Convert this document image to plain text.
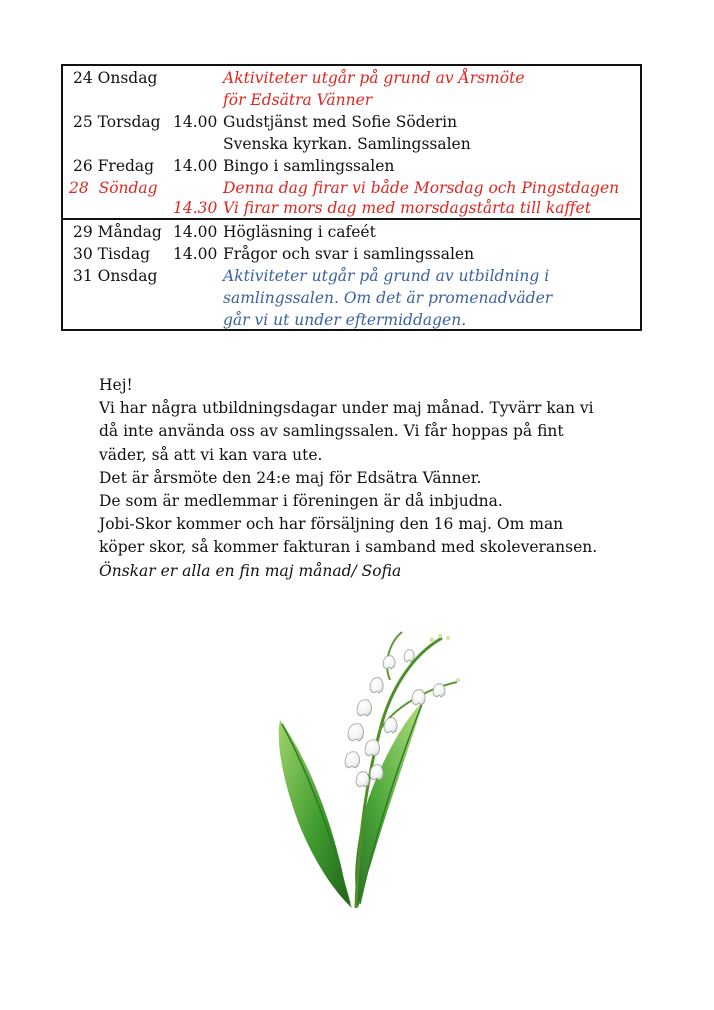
24 Onsdag	Aktiviteter utgår på grund av Årsmöte
för Edsätra Vänner
25 Torsdag 14.00 Gudstjänst med Sofie Söderin
Svenska kyrkan. Samlingssalen
26 Fredag 14.00 Bingo i samlingssalen
28  Söndag	Denna dag firar vi både Morsdag och Pingstdagen
14.30 Vi firar mors dag med morsdagstårta till kaffet
29 Måndag 14.00 Högläsning i cafeét
30 Tisdag 14.00 Frågor och svar i samlingssalen
31 Onsdag	Aktiviteter utgår på grund av utbildning i
samlingssalen. Om det är promenadväder
går vi ut under eftermiddagen.

Hej!

Vi har några utbildningsdagar under maj månad. Tyvärr kan vi

då inte använda oss av samlingssalen. Vi får hoppas på fint

väder, så att vi kan vara ute.

Det är årsmöte den 24:e maj för Edsätra Vänner.

De som är medlemmar i föreningen är då inbjudna.

Jobi-Skor kommer och har försäljning den 16 maj. Om man

köper skor, så kommer fakturan i samband med skoleveransen.

Önskar er alla en fin maj månad/ Sofia
